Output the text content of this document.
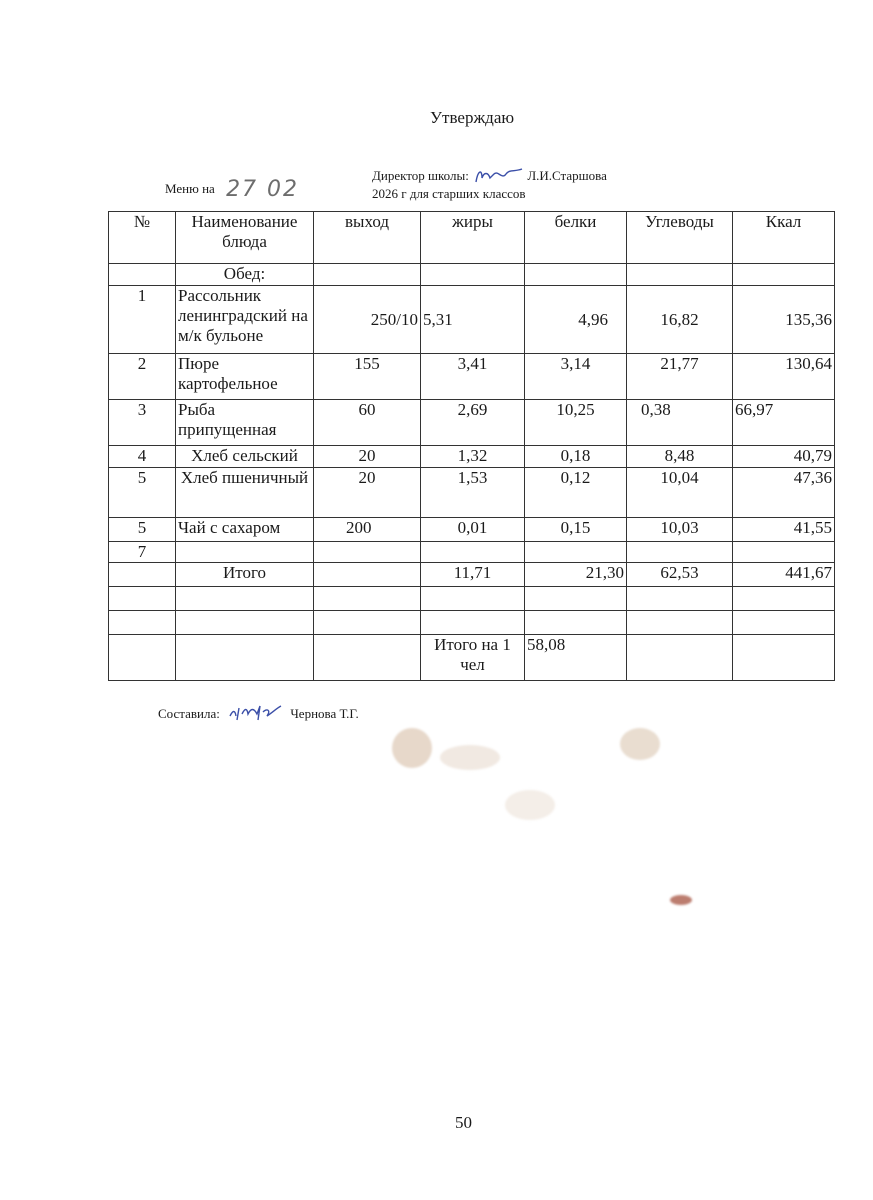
Утверждаю
Директор школы:	Л.И.Старшова
2026 г для старших классов
Меню на 27 02
№	Наименование блюда	выход	жиры	белки	Углеводы	Ккал
	Обед:					
1	Рассольник ленинградский на м/к бульоне	250/10	5,31	4,96	16,82	135,36
2	Пюре картофельное	155	3,41	3,14	21,77	130,64
3	Рыба припущенная	60	2,69	10,25	0,38	66,97
4	Хлеб сельский	20	1,32	0,18	8,48	40,79
5	Хлеб пшеничный	20	1,53	0,12	10,04	47,36
5	Чай с сахаром	200	0,01	0,15	10,03	41,55
7						
	Итого		11,71	21,30	62,53	441,67

			Итого на 1 чел	58,08		
Составила:	Чернова Т.Г.
50
